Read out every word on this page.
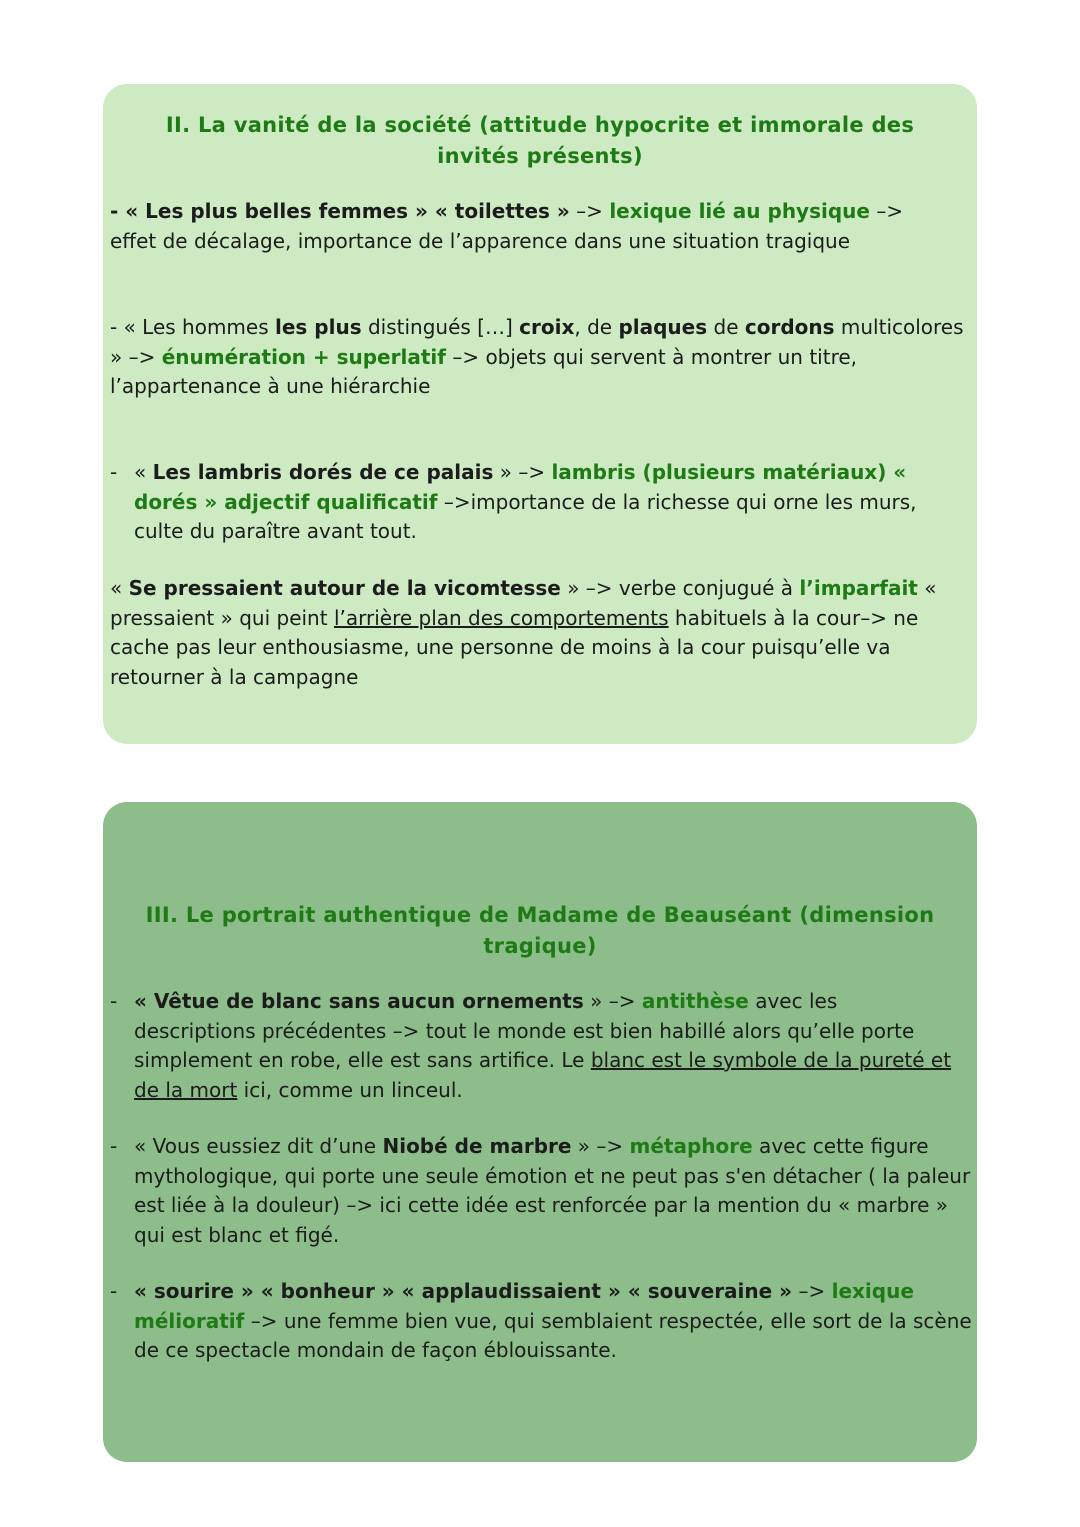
II. La vanité de la société (attitude hypocrite et immorale des invités présents)
- « Les plus belles femmes » « toilettes » –> lexique lié au physique –> effet de décalage, importance de l’apparence dans une situation tragique
- « Les hommes les plus distingués […] croix, de plaques de cordons multicolores » –> énumération + superlatif –> objets qui servent à montrer un titre, l’appartenance à une hiérarchie
- « Les lambris dorés de ce palais » –> lambris (plusieurs matériaux) « dorés » adjectif qualificatif –>importance de la richesse qui orne les murs, culte du paraître avant tout.
« Se pressaient autour de la vicomtesse » –> verbe conjugué à l’imparfait « pressaient » qui peint l’arrière plan des comportements habituels à la cour–> ne cache pas leur enthousiasme, une personne de moins à la cour puisqu’elle va retourner à la campagne
III. Le portrait authentique de Madame de Beauséant (dimension tragique)
- « Vêtue de blanc sans aucun ornements » –> antithèse avec les descriptions précédentes –> tout le monde est bien habillé alors qu’elle porte simplement en robe, elle est sans artifice. Le blanc est le symbole de la pureté et de la mort ici, comme un linceul.
- « Vous eussiez dit d’une Niobé de marbre » –> métaphore avec cette figure mythologique, qui porte une seule émotion et ne peut pas s'en détacher ( la paleur est liée à la douleur) –> ici cette idée est renforcée par la mention du « marbre » qui est blanc et figé.
- « sourire » « bonheur » « applaudissaient » « souveraine » –> lexique mélioratif –> une femme bien vue, qui semblaient respectée, elle sort de la scène de ce spectacle mondain de façon éblouissante.
